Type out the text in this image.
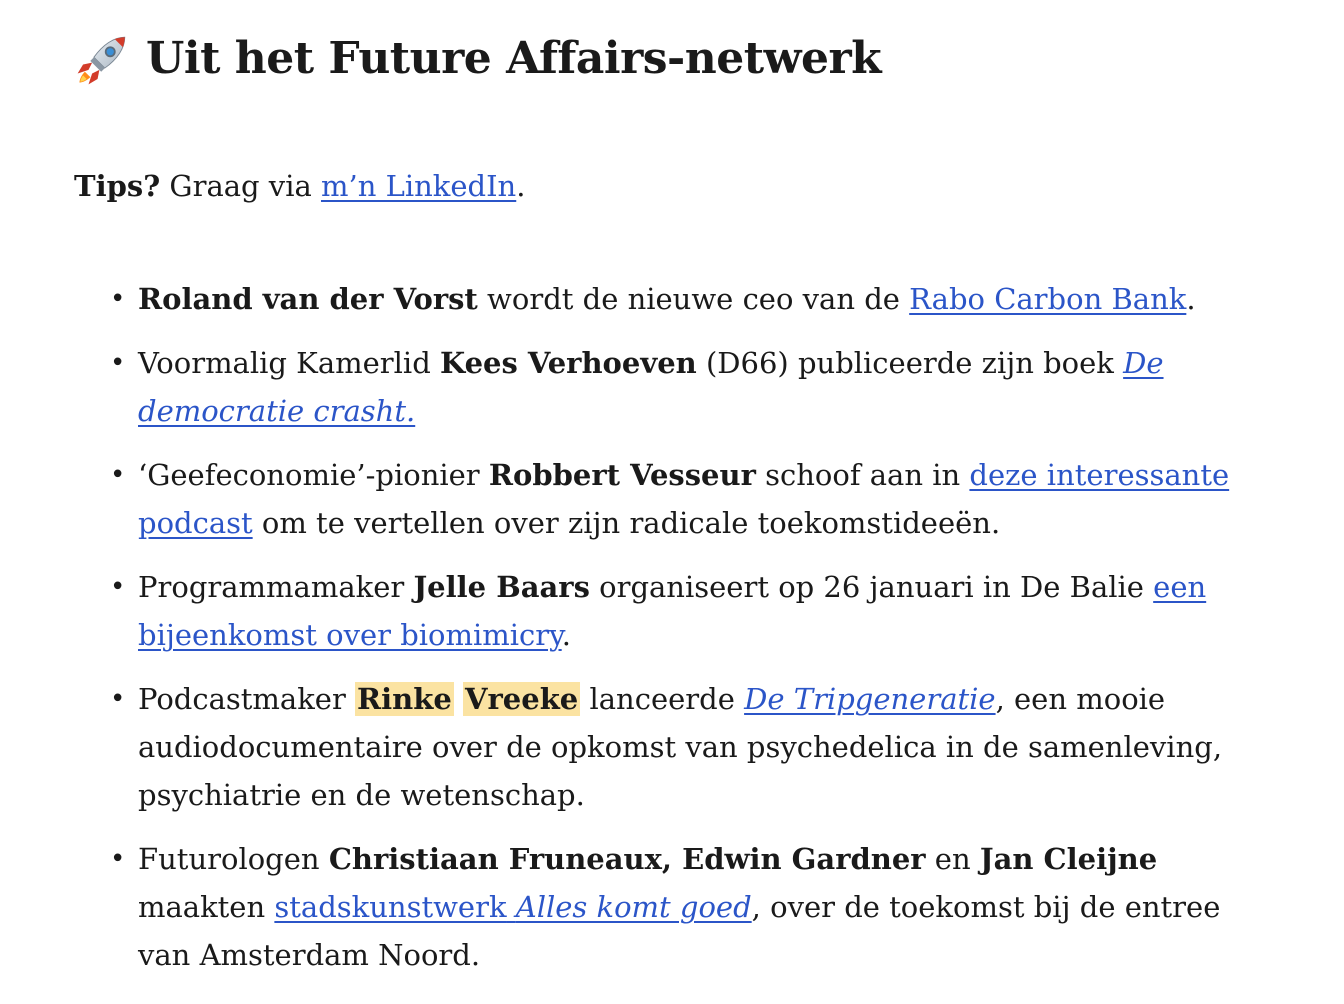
Uit het Future Affairs-netwerk

Tips? Graag via m’n LinkedIn.

• Roland van der Vorst wordt de nieuwe ceo van de Rabo Carbon Bank.
• Voormalig Kamerlid Kees Verhoeven (D66) publiceerde zijn boek De democratie crasht.
• ‘Geefeconomie’-pionier Robbert Vesseur schoof aan in deze interessante podcast om te vertellen over zijn radicale toekomstideeën.
• Programmamaker Jelle Baars organiseert op 26 januari in De Balie een bijeenkomst over biomimicry.
• Podcastmaker Rinke Vreeke lanceerde De Tripgeneratie, een mooie audiodocumentaire over de opkomst van psychedelica in de samenleving, psychiatrie en de wetenschap.
• Futurologen Christiaan Fruneaux, Edwin Gardner en Jan Cleijne maakten stadskunstwerk Alles komt goed, over de toekomst bij de entree van Amsterdam Noord.
